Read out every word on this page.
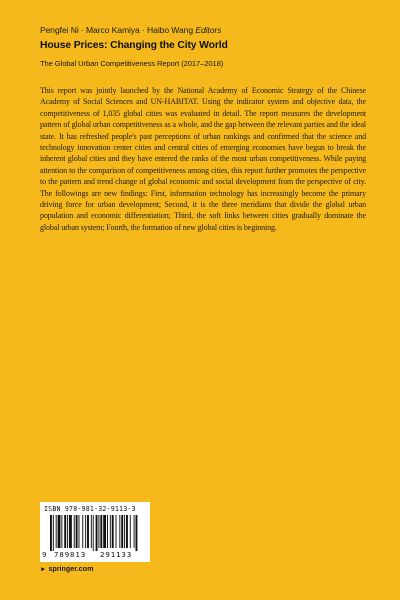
Pengfei Ni · Marco Kamiya · Haibo Wang Editors
House Prices: Changing the City World
The Global Urban Competitiveness Report (2017–2018)
This report was jointly launched by the National Academy of Economic Strategy of the Chinese Academy of Social Sciences and UN-HABITAT. Using the indicator system and objective data, the competitiveness of 1,035 global cities was evaluated in detail. The report measures the development pattern of global urban competitiveness as a whole, and the gap between the relevant parties and the ideal state. It has refreshed people's past perceptions of urban rankings and confirmed that the science and technology innovation center cities and central cities of emerging economies have begun to break the inherent global cities and they have entered the ranks of the most urban competitiveness. While paying attention to the comparison of competitiveness among cities, this report further promotes the perspective to the pattern and trend change of global economic and social development from the perspective of city. The followings are new findings: First, information technology has increasingly become the primary driving force for urban development; Second, it is the three meridians that divide the global urban population and economic differentiation; Third, the soft links between cities gradually dominate the global urban system; Fourth, the formation of new global cities is beginning.
ISBN 978-981-32-9113-3
9 789813 291133
► springer.com
